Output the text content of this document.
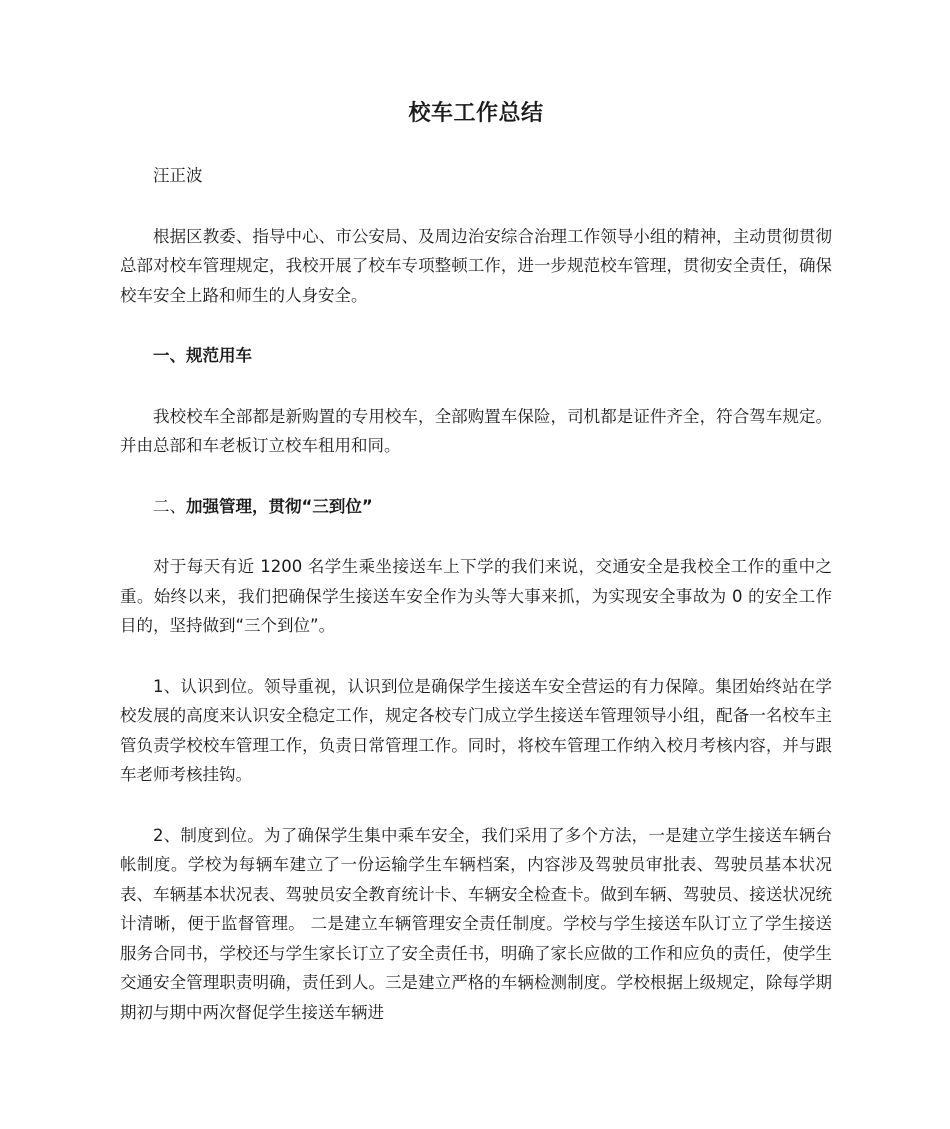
校车工作总结
汪正波
根据区教委、指导中心、市公安局、及周边治安综合治理工作领导小组的精神，主动贯彻贯彻总部对校车管理规定，我校开展了校车专项整顿工作，进一步规范校车管理，贯彻安全责任，确保校车安全上路和师生的人身安全。
一、规范用车
我校校车全部都是新购置的专用校车，全部购置车保险，司机都是证件齐全，符合驾车规定。并由总部和车老板订立校车租用和同。
二、加强管理，贯彻“三到位”
对于每天有近 1200 名学生乘坐接送车上下学的我们来说，交通安全是我校全工作的重中之重。始终以来，我们把确保学生接送车安全作为头等大事来抓，为实现安全事故为 0 的安全工作目的，坚持做到“三个到位”。
1、认识到位。领导重视，认识到位是确保学生接送车安全营运的有力保障。集团始终站在学校发展的高度来认识安全稳定工作，规定各校专门成立学生接送车管理领导小组，配备一名校车主管负责学校校车管理工作，负责日常管理工作。同时，将校车管理工作纳入校月考核内容，并与跟车老师考核挂钩。
2、制度到位。为了确保学生集中乘车安全，我们采用了多个方法，一是建立学生接送车辆台帐制度。学校为每辆车建立了一份运输学生车辆档案，内容涉及驾驶员审批表、驾驶员基本状况表、车辆基本状况表、驾驶员安全教育统计卡、车辆安全检查卡。做到车辆、驾驶员、接送状况统计清晰，便于监督管理。 二是建立车辆管理安全责任制度。学校与学生接送车队订立了学生接送服务合同书，学校还与学生家长订立了安全责任书，明确了家长应做的工作和应负的责任，使学生交通安全管理职责明确，责任到人。三是建立严格的车辆检测制度。学校根据上级规定，除每学期期初与期中两次督促学生接送车辆进
